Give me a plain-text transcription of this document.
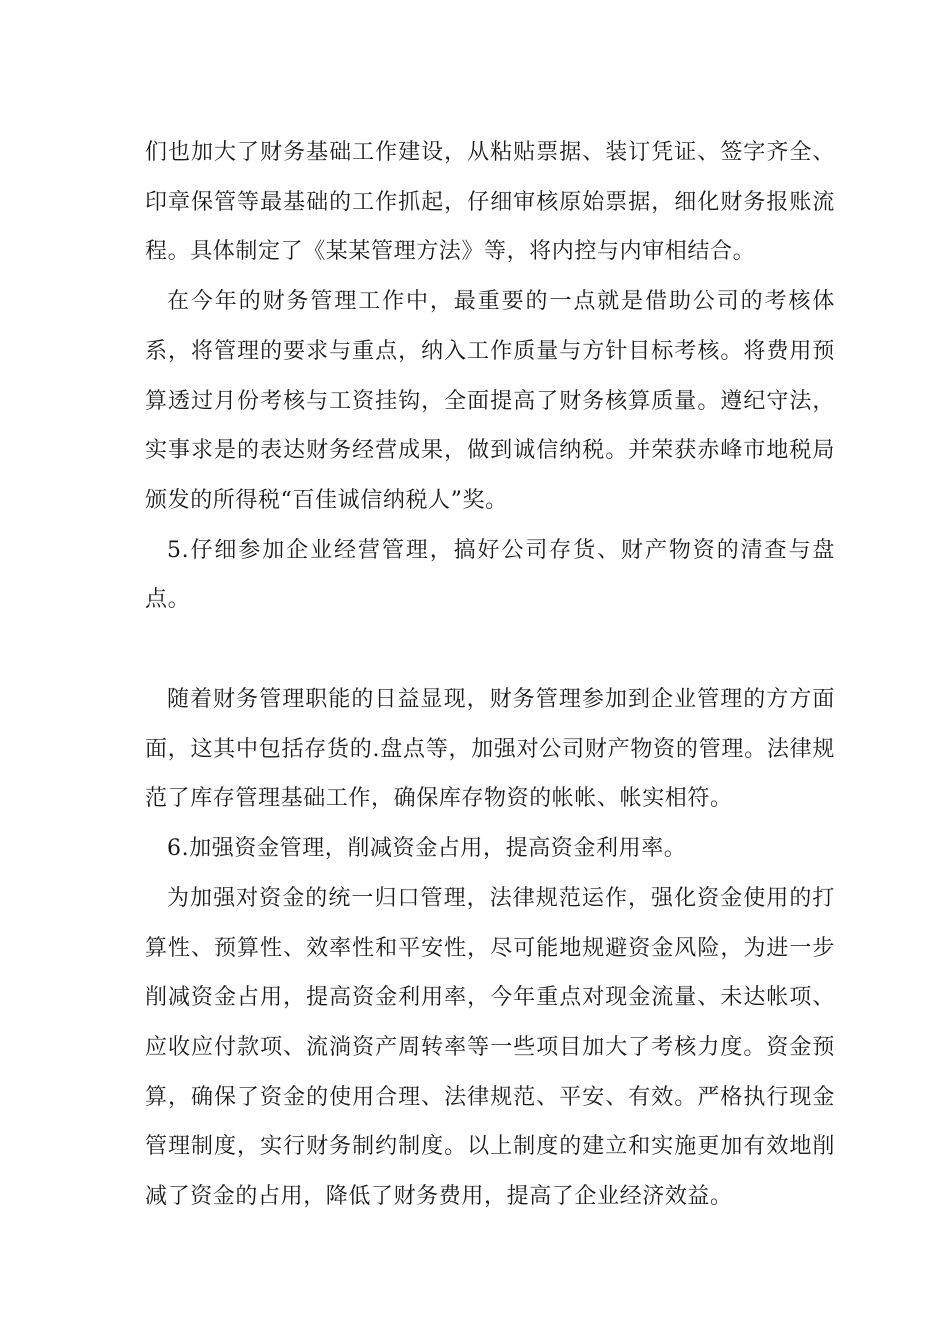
们也加大了财务基础工作建设，从粘贴票据、装订凭证、签字齐全、印章保管等最基础的工作抓起，仔细审核原始票据，细化财务报账流程。具体制定了《某某管理方法》等，将内控与内审相结合。

在今年的财务管理工作中，最重要的一点就是借助公司的考核体系，将管理的要求与重点，纳入工作质量与方针目标考核。将费用预算透过月份考核与工资挂钩，全面提高了财务核算质量。遵纪守法，实事求是的表达财务经营成果，做到诚信纳税。并荣获赤峰市地税局颁发的所得税“百佳诚信纳税人”奖。

5.仔细参加企业经营管理，搞好公司存货、财产物资的清查与盘点。

随着财务管理职能的日益显现，财务管理参加到企业管理的方方面面，这其中包括存货的.盘点等，加强对公司财产物资的管理。法律规范了库存管理基础工作，确保库存物资的帐帐、帐实相符。

6.加强资金管理，削减资金占用，提高资金利用率。

为加强对资金的统一归口管理，法律规范运作，强化资金使用的打算性、预算性、效率性和平安性，尽可能地规避资金风险，为进一步削减资金占用，提高资金利用率，今年重点对现金流量、未达帐项、应收应付款项、流淌资产周转率等一些项目加大了考核力度。资金预算，确保了资金的使用合理、法律规范、平安、有效。严格执行现金管理制度，实行财务制约制度。以上制度的建立和实施更加有效地削减了资金的占用，降低了财务费用，提高了企业经济效益。
